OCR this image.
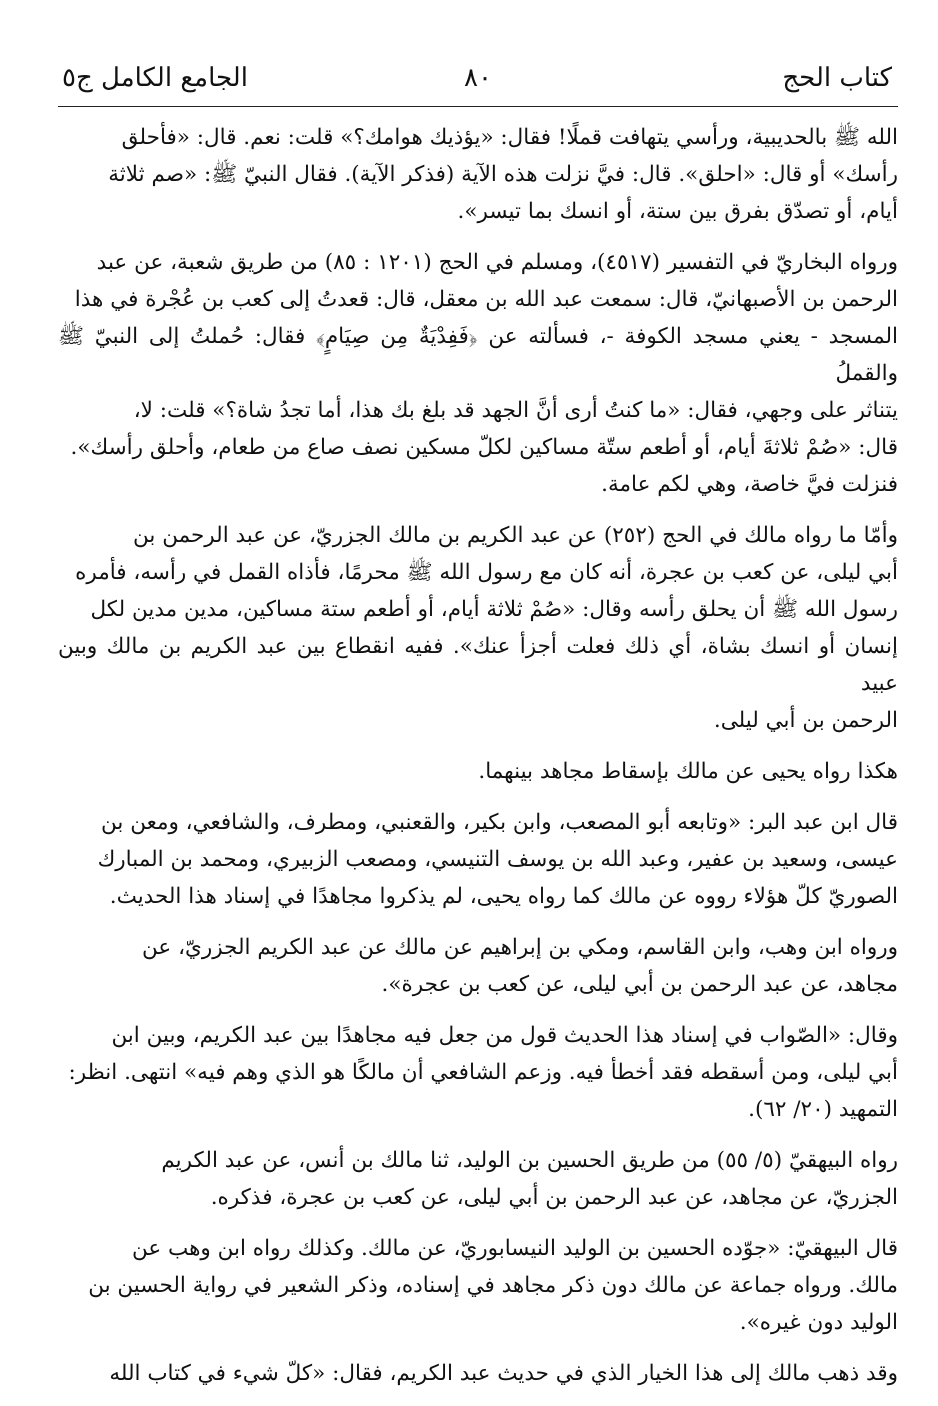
كتاب الحج
٨٠
الجامع الكامل ج٥

الله ﷺ بالحديبية، ورأسي يتهافت قملًا! فقال: «يؤذيك هوامك؟» قلت: نعم. قال: «فأحلق
رأسك» أو قال: «احلق». قال: فيَّ نزلت هذه الآية (فذكر الآية). فقال النبيّ ﷺ: «صم ثلاثة
أيام، أو تصدّق بفرق بين ستة، أو انسك بما تيسر».

ورواه البخاريّ في التفسير (٤٥١٧)، ومسلم في الحج (١٢٠١ : ٨٥) من طريق شعبة، عن عبد
الرحمن بن الأصبهانيّ، قال: سمعت عبد الله بن معقل، قال: قعدتُ إلى كعب بن عُجْرة في هذا
المسجد - يعني مسجد الكوفة -، فسألته عن ﴿فَفِدْيَةٌ مِن صِيَامٍ﴾ فقال: حُملتُ إلى النبيّ ﷺ والقملُ
يتناثر على وجهي، فقال: «ما كنتُ أرى أنَّ الجهد قد بلغ بك هذا، أما تجدُ شاة؟» قلت: لا،
قال: «صُمْ ثلاثةَ أيام، أو أطعم ستّة مساكين لكلّ مسكين نصف صاع من طعام، وأحلق رأسك».
فنزلت فيَّ خاصة، وهي لكم عامة.

وأمّا ما رواه مالك في الحج (٢٥٢) عن عبد الكريم بن مالك الجزريّ، عن عبد الرحمن بن
أبي ليلى، عن كعب بن عجرة، أنه كان مع رسول الله ﷺ محرمًا، فأذاه القمل في رأسه، فأمره
رسول الله ﷺ أن يحلق رأسه وقال: «صُمْ ثلاثة أيام، أو أطعم ستة مساكين، مدين مدين لكل
إنسان أو انسك بشاة، أي ذلك فعلت أجزأ عنك». ففيه انقطاع بين عبد الكريم بن مالك وبين عبيد
الرحمن بن أبي ليلى.

هكذا رواه يحيى عن مالك بإسقاط مجاهد بينهما.

قال ابن عبد البر: «وتابعه أبو المصعب، وابن بكير، والقعنبي، ومطرف، والشافعي، ومعن بن
عيسى، وسعيد بن عفير، وعبد الله بن يوسف التنيسي، ومصعب الزبيري، ومحمد بن المبارك
الصوريّ كلّ هؤلاء رووه عن مالك كما رواه يحيى، لم يذكروا مجاهدًا في إسناد هذا الحديث.

ورواه ابن وهب، وابن القاسم، ومكي بن إبراهيم عن مالك عن عبد الكريم الجزريّ، عن
مجاهد، عن عبد الرحمن بن أبي ليلى، عن كعب بن عجرة».

وقال: «الصّواب في إسناد هذا الحديث قول من جعل فيه مجاهدًا بين عبد الكريم، وبين ابن
أبي ليلى، ومن أسقطه فقد أخطأ فيه. وزعم الشافعي أن مالكًا هو الذي وهم فيه» انتهى. انظر:
التمهيد (٢٠/ ٦٢).

رواه البيهقيّ (٥/ ٥٥) من طريق الحسين بن الوليد، ثنا مالك بن أنس، عن عبد الكريم
الجزريّ، عن مجاهد، عن عبد الرحمن بن أبي ليلى، عن كعب بن عجرة، فذكره.

قال البيهقيّ: «جوّده الحسين بن الوليد النيسابوريّ، عن مالك. وكذلك رواه ابن وهب عن
مالك. ورواه جماعة عن مالك دون ذكر مجاهد في إسناده، وذكر الشعير في رواية الحسين بن
الوليد دون غيره».

وقد ذهب مالك إلى هذا الخيار الذي في حديث عبد الكريم، فقال: «كلّ شيء في كتاب الله
